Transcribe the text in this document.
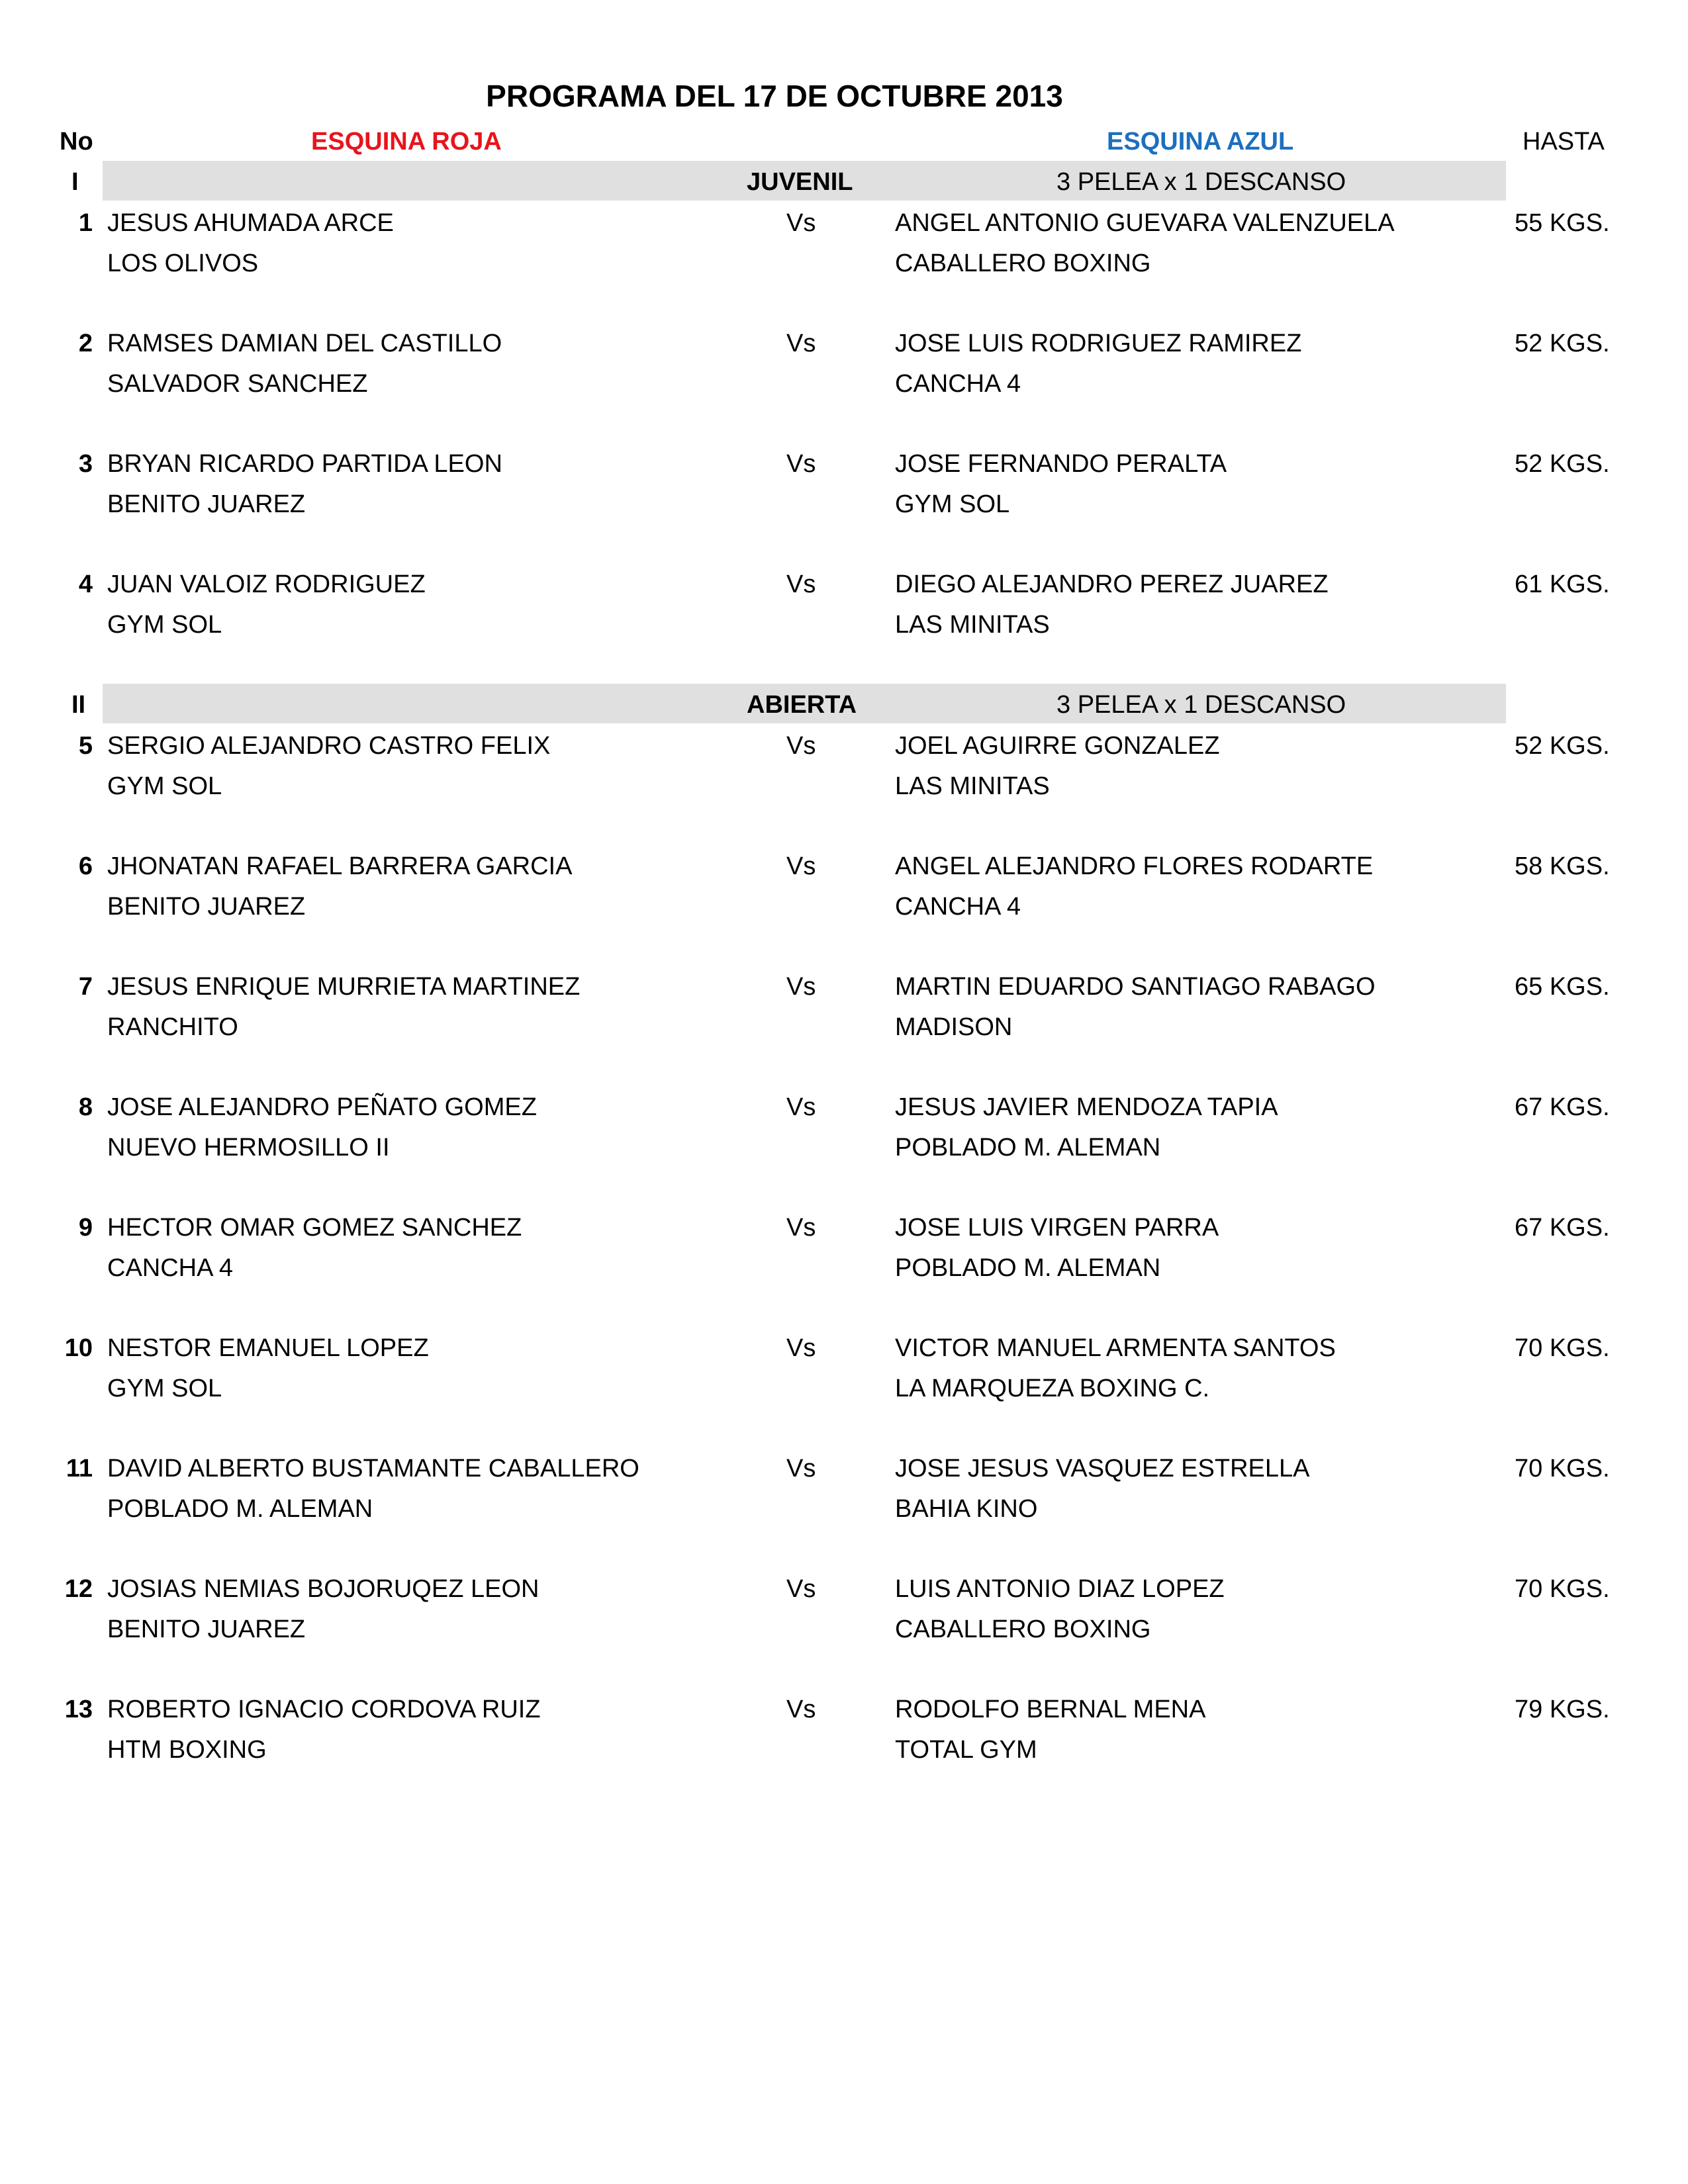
PROGRAMA DEL 17 DE OCTUBRE 2013
No	ESQUINA ROJA	ESQUINA AZUL	HASTA
I	JUVENIL	3 PELEA x 1 DESCANSO
1 JESUS AHUMADA ARCE	Vs	ANGEL ANTONIO GUEVARA VALENZUELA	55 KGS.
LOS OLIVOS	CABALLERO BOXING
2 RAMSES DAMIAN DEL CASTILLO	Vs	JOSE LUIS RODRIGUEZ RAMIREZ	52 KGS.
SALVADOR SANCHEZ	CANCHA 4
3 BRYAN RICARDO PARTIDA LEON	Vs	JOSE FERNANDO PERALTA	52 KGS.
BENITO JUAREZ	GYM SOL
4 JUAN VALOIZ RODRIGUEZ	Vs	DIEGO ALEJANDRO PEREZ JUAREZ	61 KGS.
GYM SOL	LAS MINITAS
II	ABIERTA	3 PELEA x 1 DESCANSO
5 SERGIO ALEJANDRO CASTRO FELIX	Vs	JOEL AGUIRRE GONZALEZ	52 KGS.
GYM SOL	LAS MINITAS
6 JHONATAN RAFAEL BARRERA GARCIA	Vs	ANGEL ALEJANDRO FLORES RODARTE	58 KGS.
BENITO JUAREZ	CANCHA 4
7 JESUS ENRIQUE MURRIETA MARTINEZ	Vs	MARTIN EDUARDO SANTIAGO RABAGO	65 KGS.
RANCHITO	MADISON
8 JOSE ALEJANDRO PEÑATO GOMEZ	Vs	JESUS JAVIER MENDOZA TAPIA	67 KGS.
NUEVO HERMOSILLO II	POBLADO M. ALEMAN
9 HECTOR OMAR GOMEZ SANCHEZ	Vs	JOSE LUIS VIRGEN PARRA	67 KGS.
CANCHA 4	POBLADO M. ALEMAN
10 NESTOR EMANUEL LOPEZ	Vs	VICTOR MANUEL ARMENTA SANTOS	70 KGS.
GYM SOL	LA MARQUEZA BOXING C.
11 DAVID ALBERTO BUSTAMANTE CABALLERO	Vs	JOSE JESUS VASQUEZ ESTRELLA	70 KGS.
POBLADO M. ALEMAN	BAHIA KINO
12 JOSIAS NEMIAS BOJORUQEZ LEON	Vs	LUIS ANTONIO DIAZ LOPEZ	70 KGS.
BENITO JUAREZ	CABALLERO BOXING
13 ROBERTO IGNACIO CORDOVA RUIZ	Vs	RODOLFO BERNAL MENA	79 KGS.
HTM BOXING	TOTAL GYM
